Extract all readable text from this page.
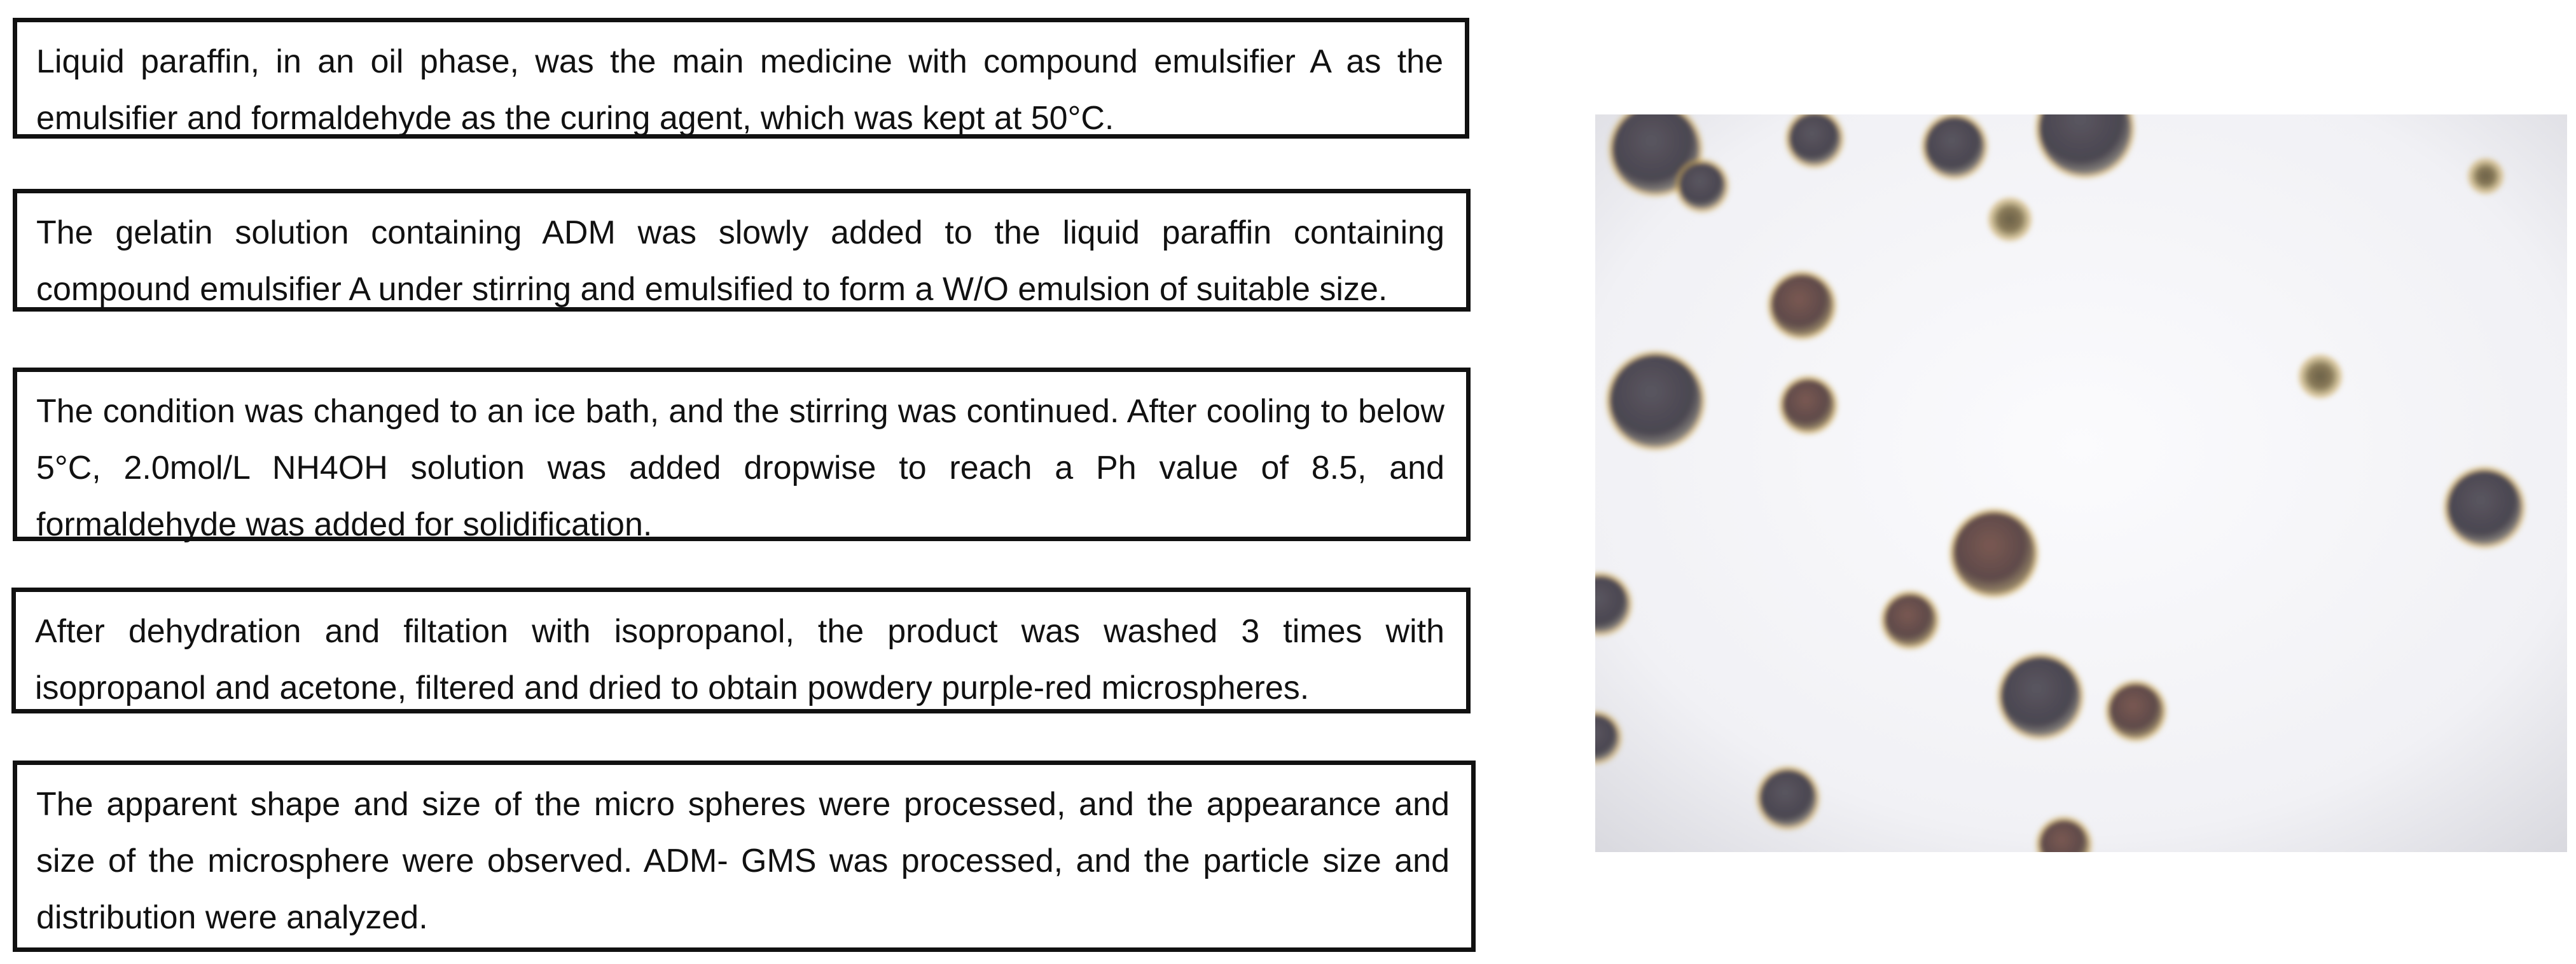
Liquid paraffin, in an oil phase, was the main medicine with compound emulsifier A as the emulsifier and formaldehyde as the curing agent, which was kept at 50°C.
The gelatin solution containing ADM was slowly added to the liquid paraffin containing compound emulsifier A under stirring and emulsified to form a W/O emulsion of suitable size.
The condition was changed to an ice bath, and the stirring was continued. After cooling to below 5°C, 2.0mol/L NH4OH solution was added dropwise to reach a Ph value of 8.5, and formaldehyde was added for solidification.
After dehydration and filtation with isopropanol, the product was washed 3 times with isopropanol and acetone, filtered and dried to obtain powdery purple-red microspheres.
The apparent shape and size of the micro spheres were processed, and the appearance and size of the microsphere were observed. ADM- GMS was processed, and the particle size and distribution were analyzed.
